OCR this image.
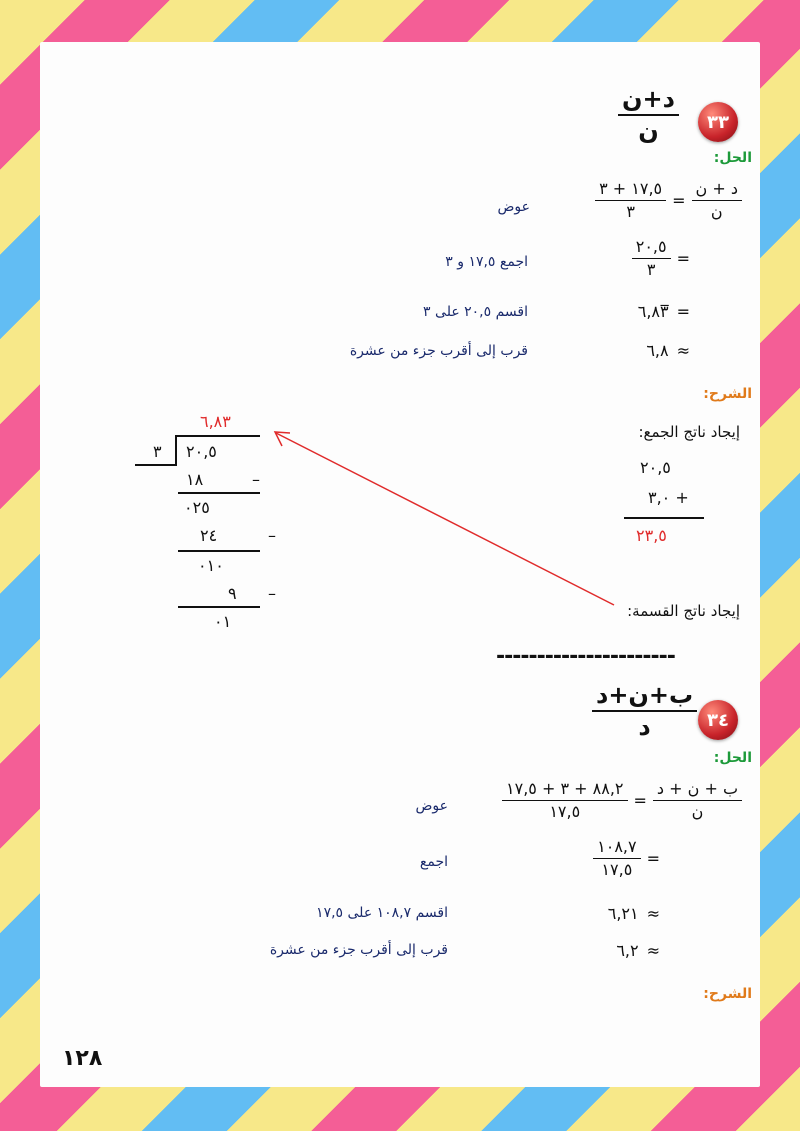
٣٣
د+ن
ن
الحل:
$\frac{\text{د + ن}}{\text{ن}}$
=
$\frac{١٧,٥ + ٣}{٣}$
عوض
=
$\frac{٢٠,٥}{٣}$
اجمع ١٧,٥ و ٣
=
٦,٨٣̅
اقسم ٢٠,٥ على ٣
≈
٦,٨
قرب إلى أقرب جزء من عشرة
الشرح:
إيجاد ناتج الجمع:
٢٠,٥
+ ٣,٠
٢٣,٥
٦,٨٣
٣ ٢٠,٥
١٨	–
٠٢٥
٢٤	–
٠١٠
٩ –
٠١
إيجاد ناتج القسمة:
----------------------
٣٤
ب+ن+د
د
الحل:
$\frac{\text{ب + ن + د}}{\text{ن}}$
=
$\frac{٨٨,٢ + ٣ + ١٧,٥}{١٧,٥}$
عوض
=
$\frac{١٠٨,٧}{١٧,٥}$
اجمع
≈
٦,٢١
اقسم ١٠٨,٧ على ١٧,٥
≈
٦,٢
قرب إلى أقرب جزء من عشرة
الشرح:
١٢٨
